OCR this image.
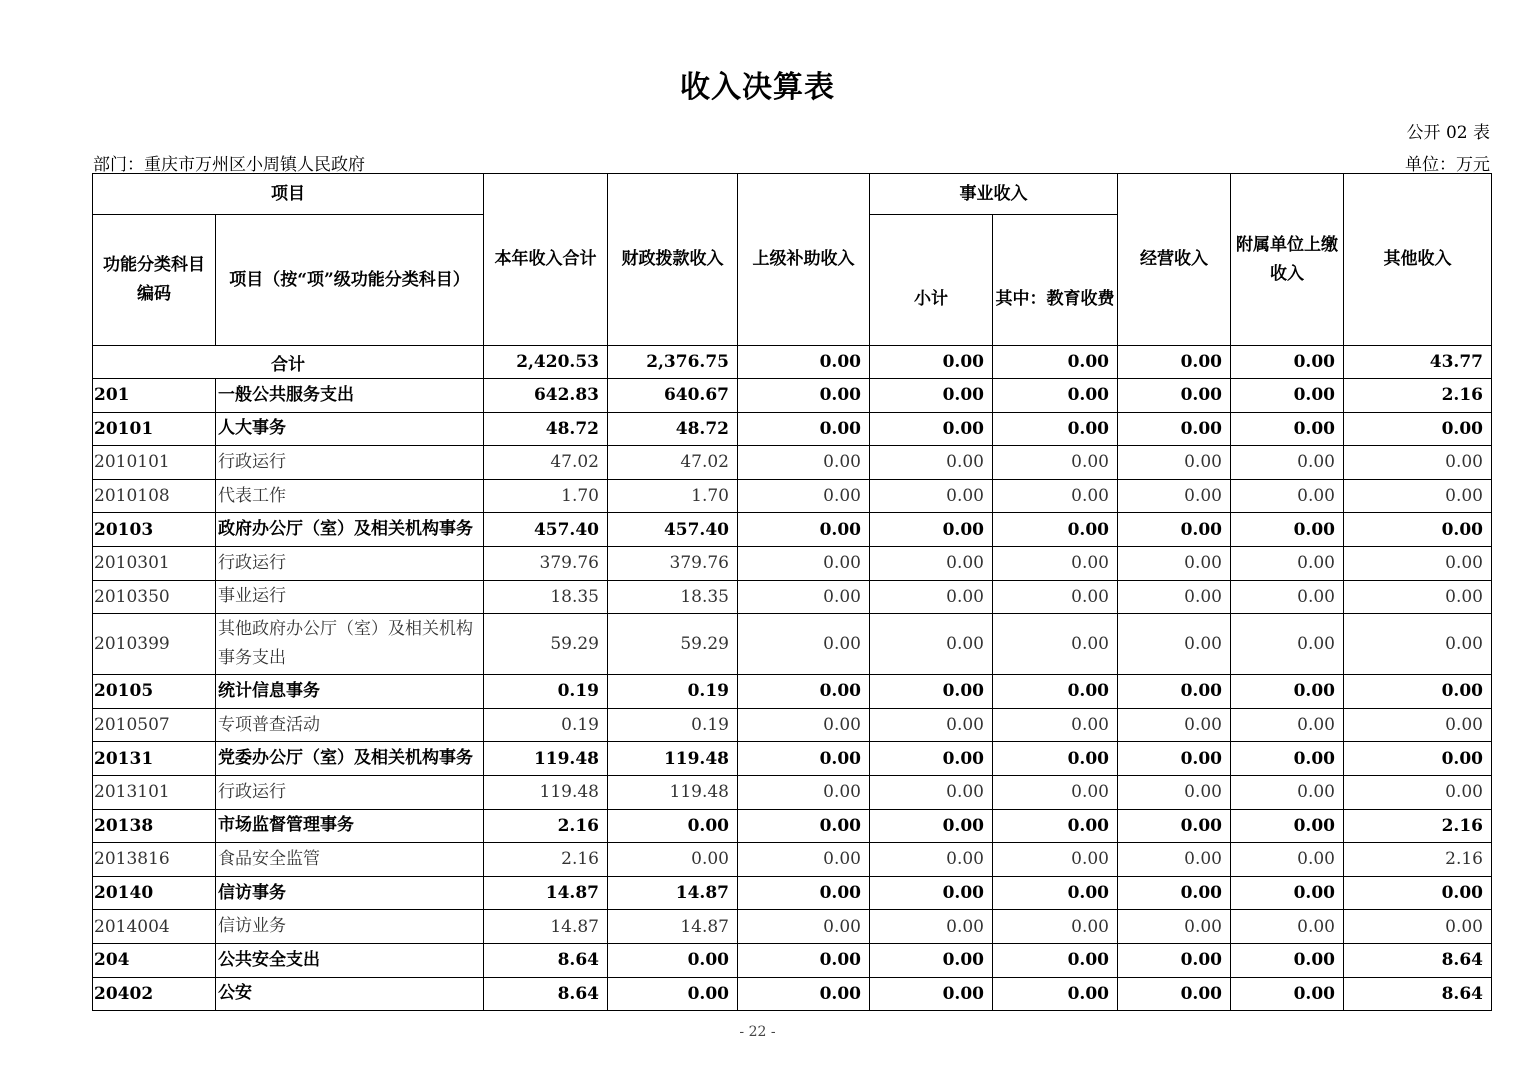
收入决算表
公开 02 表
部门：重庆市万州区小周镇人民政府	单位：万元
项目		本年收入合计	财政拨款收入	上级补助收入	事业收入		经营收入	附属单位上缴收入	其他收入
功能分类科目编码	项目（按“项”级功能分类科目）				小计	其中：教育收费			
合计		2,420.53	2,376.75	0.00	0.00	0.00	0.00	0.00	43.77
201	一般公共服务支出	642.83	640.67	0.00	0.00	0.00	0.00	0.00	2.16
20101	人大事务	48.72	48.72	0.00	0.00	0.00	0.00	0.00	0.00
2010101	行政运行	47.02	47.02	0.00	0.00	0.00	0.00	0.00	0.00
2010108	代表工作	1.70	1.70	0.00	0.00	0.00	0.00	0.00	0.00
20103	政府办公厅（室）及相关机构事务	457.40	457.40	0.00	0.00	0.00	0.00	0.00	0.00
2010301	行政运行	379.76	379.76	0.00	0.00	0.00	0.00	0.00	0.00
2010350	事业运行	18.35	18.35	0.00	0.00	0.00	0.00	0.00	0.00
2010399	其他政府办公厅（室）及相关机构事务支出	59.29	59.29	0.00	0.00	0.00	0.00	0.00	0.00
20105	统计信息事务	0.19	0.19	0.00	0.00	0.00	0.00	0.00	0.00
2010507	专项普查活动	0.19	0.19	0.00	0.00	0.00	0.00	0.00	0.00
20131	党委办公厅（室）及相关机构事务	119.48	119.48	0.00	0.00	0.00	0.00	0.00	0.00
2013101	行政运行	119.48	119.48	0.00	0.00	0.00	0.00	0.00	0.00
20138	市场监督管理事务	2.16	0.00	0.00	0.00	0.00	0.00	0.00	2.16
2013816	食品安全监管	2.16	0.00	0.00	0.00	0.00	0.00	0.00	2.16
20140	信访事务	14.87	14.87	0.00	0.00	0.00	0.00	0.00	0.00
2014004	信访业务	14.87	14.87	0.00	0.00	0.00	0.00	0.00	0.00
204	公共安全支出	8.64	0.00	0.00	0.00	0.00	0.00	0.00	8.64
20402	公安	8.64	0.00	0.00	0.00	0.00	0.00	0.00	8.64
- 22 -
